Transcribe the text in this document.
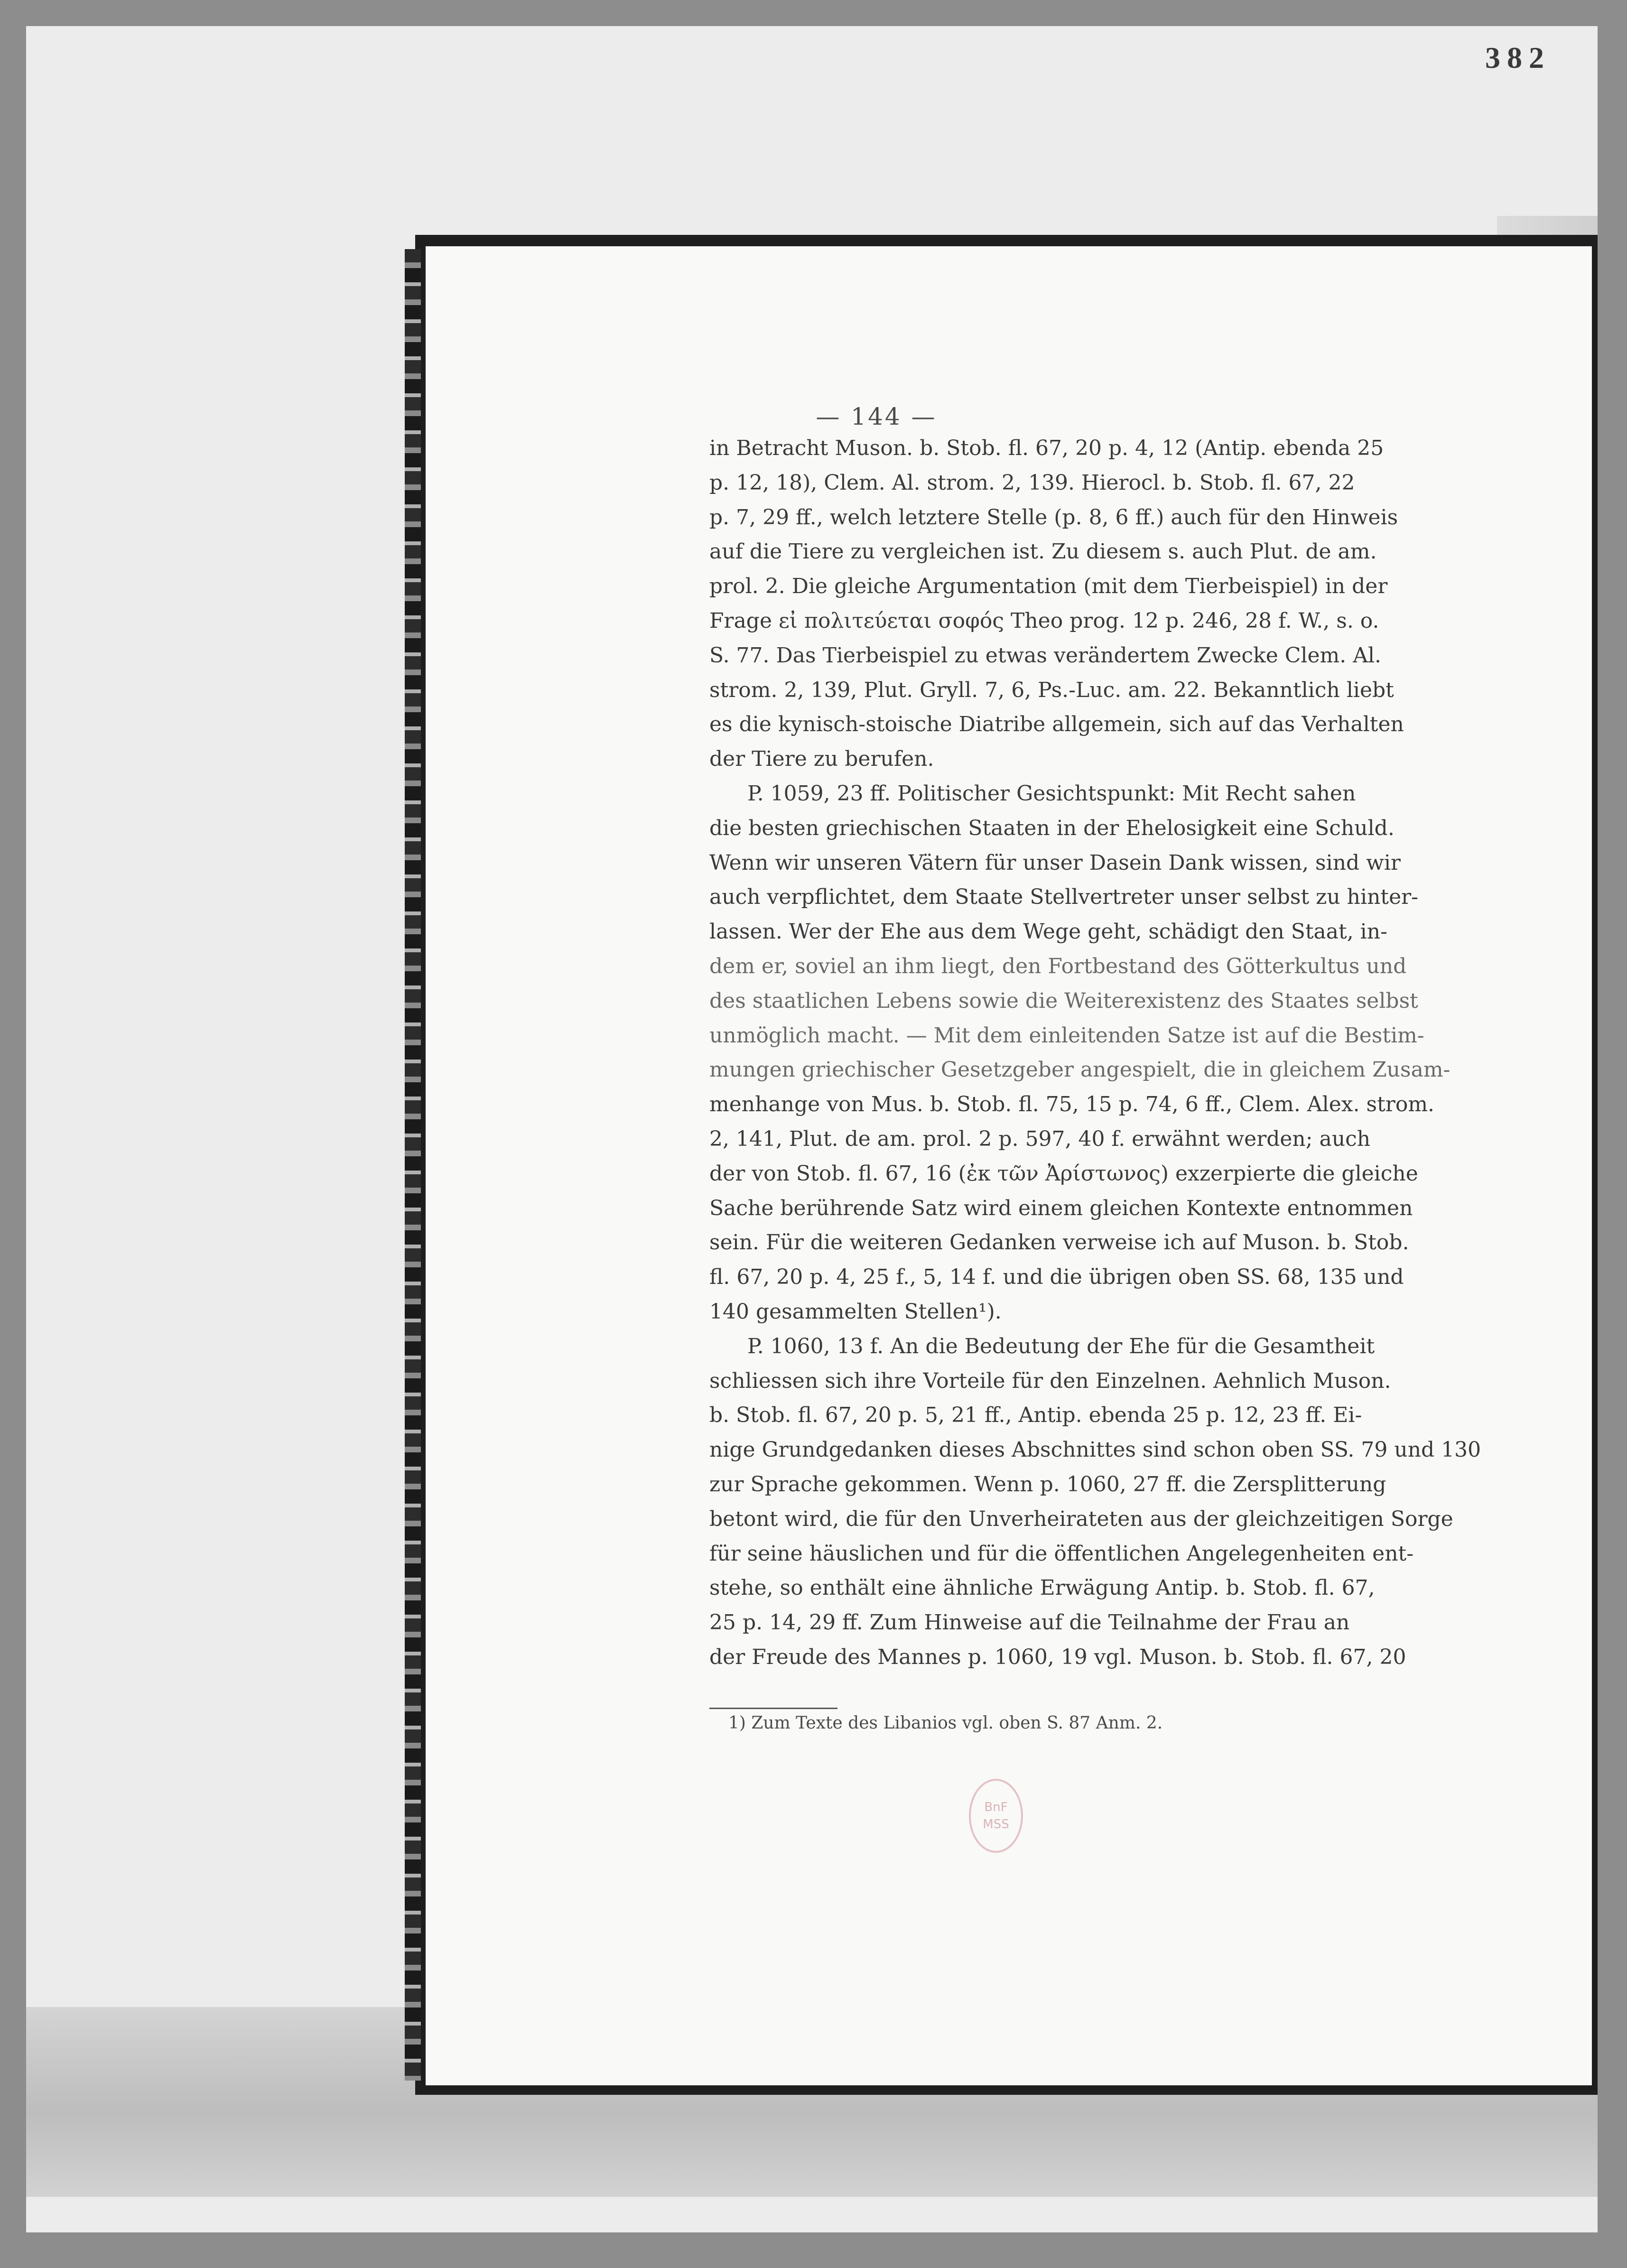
382
— 144 —
in Betracht Muson. b. Stob. fl. 67, 20 p. 4, 12 (Antip. ebenda 25
p. 12, 18), Clem. Al. strom. 2, 139. Hierocl. b. Stob. fl. 67, 22
p. 7, 29 ff., welch letztere Stelle (p. 8, 6 ff.) auch für den Hinweis
auf die Tiere zu vergleichen ist. Zu diesem s. auch Plut. de am.
prol. 2. Die gleiche Argumentation (mit dem Tierbeispiel) in der
Frage εἰ πολιτεύεται σοφός Theo prog. 12 p. 246, 28 f. W., s. o.
S. 77. Das Tierbeispiel zu etwas verändertem Zwecke Clem. Al.
strom. 2, 139, Plut. Gryll. 7, 6, Ps.-Luc. am. 22. Bekanntlich liebt
es die kynisch-stoische Diatribe allgemein, sich auf das Verhalten
der Tiere zu berufen.
P. 1059, 23 ff. Politischer Gesichtspunkt: Mit Recht sahen
die besten griechischen Staaten in der Ehelosigkeit eine Schuld.
Wenn wir unseren Vätern für unser Dasein Dank wissen, sind wir
auch verpflichtet, dem Staate Stellvertreter unser selbst zu hinter-
lassen. Wer der Ehe aus dem Wege geht, schädigt den Staat, in-
dem er, soviel an ihm liegt, den Fortbestand des Götterkultus und
des staatlichen Lebens sowie die Weiterexistenz des Staates selbst
unmöglich macht. — Mit dem einleitenden Satze ist auf die Bestim-
mungen griechischer Gesetzgeber angespielt, die in gleichem Zusam-
menhange von Mus. b. Stob. fl. 75, 15 p. 74, 6 ff., Clem. Alex. strom.
2, 141, Plut. de am. prol. 2 p. 597, 40 f. erwähnt werden; auch
der von Stob. fl. 67, 16 (ἐκ τῶν Ἀρίστωνος) exzerpierte die gleiche
Sache berührende Satz wird einem gleichen Kontexte entnommen
sein. Für die weiteren Gedanken verweise ich auf Muson. b. Stob.
fl. 67, 20 p. 4, 25 f., 5, 14 f. und die übrigen oben SS. 68, 135 und
140 gesammelten Stellen¹).
P. 1060, 13 f. An die Bedeutung der Ehe für die Gesamtheit
schliessen sich ihre Vorteile für den Einzelnen. Aehnlich Muson.
b. Stob. fl. 67, 20 p. 5, 21 ff., Antip. ebenda 25 p. 12, 23 ff. Ei-
nige Grundgedanken dieses Abschnittes sind schon oben SS. 79 und 130
zur Sprache gekommen. Wenn p. 1060, 27 ff. die Zersplitterung
betont wird, die für den Unverheirateten aus der gleichzeitigen Sorge
für seine häuslichen und für die öffentlichen Angelegenheiten ent-
stehe, so enthält eine ähnliche Erwägung Antip. b. Stob. fl. 67,
25 p. 14, 29 ff. Zum Hinweise auf die Teilnahme der Frau an
der Freude des Mannes p. 1060, 19 vgl. Muson. b. Stob. fl. 67, 20
1) Zum Texte des Libanios vgl. oben S. 87 Anm. 2.
BnF
MSS
